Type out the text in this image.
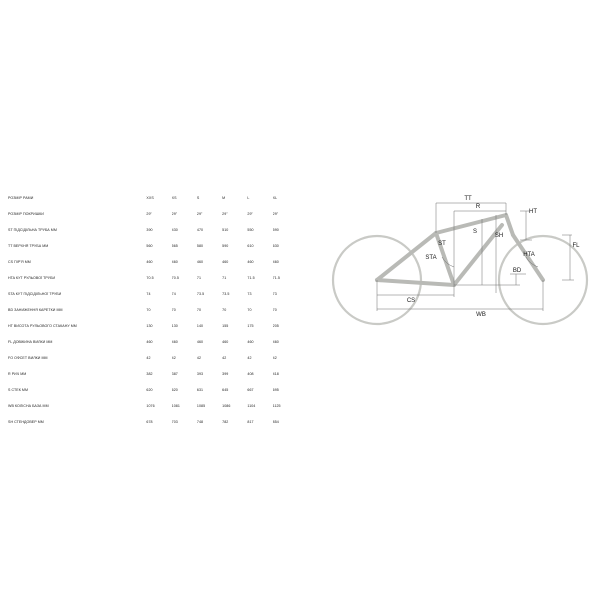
РОЗМІР РАМИ	XXS	XS	S	M	L	XL
РОЗМІР ПОКРИШКИ	29"	29"	29"	29"	29"	29"
ST ПІДСІДІЛЬНА ТРУБА ММ	390	430	470	510	550	590
TT ВЕРХНЯ ТРУБА ММ	560	565	580	590	610	630
CS ПІР'Я ММ	460	460	460	460	460	460
HTA КУТ РУЛЬОВОЇ ТРУБИ	70.5	70.5	71	71	71.5	71.5
STA КУТ ПІДСІДІЛЬНОЇ ТРУБИ	74	74	73.5	73.5	73	73
BD ЗАНИЖЕННЯ КАРЕТКИ ММ	70	70	70	70	70	70
HT ВИСОТА РУЛЬОВОГО СТАКАНУ ММ	130	130	140	155	175	205
FL ДОВЖИНА ВИЛКИ ММ	460	460	460	460	460	460
FO ОФСЕТ ВИЛКИ ММ	42	42	42	42	42	42
R РИЧ ММ	382	387	393	399	408	418
S СТЕК ММ	620	620	631	645	667	695
WB КОЛІСНА БАЗА ММ	1076	1081	1085	1086	1104	1125
SH СТЕНДОВЕР ММ	678	703	748	782	817	854
TT
R
HT
ST
S
SH
FL
STA	HTA
BD
CS
WB
